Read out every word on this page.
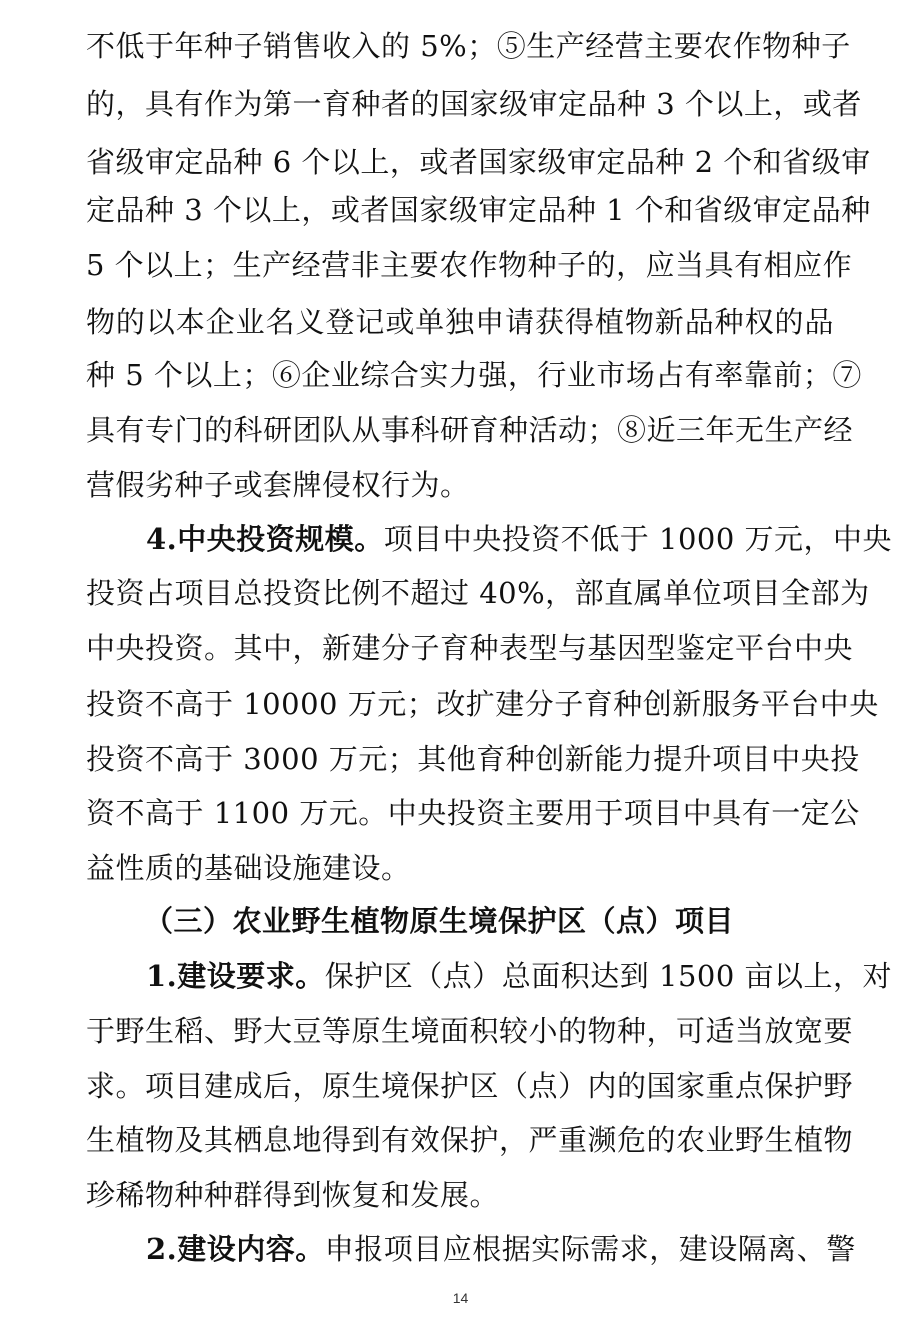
不低于年种子销售收入的 5%；⑤生产经营主要农作物种子
的，具有作为第一育种者的国家级审定品种 3 个以上，或者
省级审定品种 6 个以上，或者国家级审定品种 2 个和省级审
定品种 3 个以上，或者国家级审定品种 1 个和省级审定品种
5 个以上；生产经营非主要农作物种子的，应当具有相应作
物的以本企业名义登记或单独申请获得植物新品种权的品
种 5 个以上；⑥企业综合实力强，行业市场占有率靠前；⑦
具有专门的科研团队从事科研育种活动；⑧近三年无生产经
营假劣种子或套牌侵权行为。
4.中央投资规模。项目中央投资不低于 1000 万元，中央
投资占项目总投资比例不超过 40%，部直属单位项目全部为
中央投资。其中，新建分子育种表型与基因型鉴定平台中央
投资不高于 10000 万元；改扩建分子育种创新服务平台中央
投资不高于 3000 万元；其他育种创新能力提升项目中央投
资不高于 1100 万元。中央投资主要用于项目中具有一定公
益性质的基础设施建设。
（三）农业野生植物原生境保护区（点）项目
1.建设要求。保护区（点）总面积达到 1500 亩以上，对
于野生稻、野大豆等原生境面积较小的物种，可适当放宽要
求。项目建成后，原生境保护区（点）内的国家重点保护野
生植物及其栖息地得到有效保护，严重濒危的农业野生植物
珍稀物种种群得到恢复和发展。
2.建设内容。申报项目应根据实际需求，建设隔离、警
14
